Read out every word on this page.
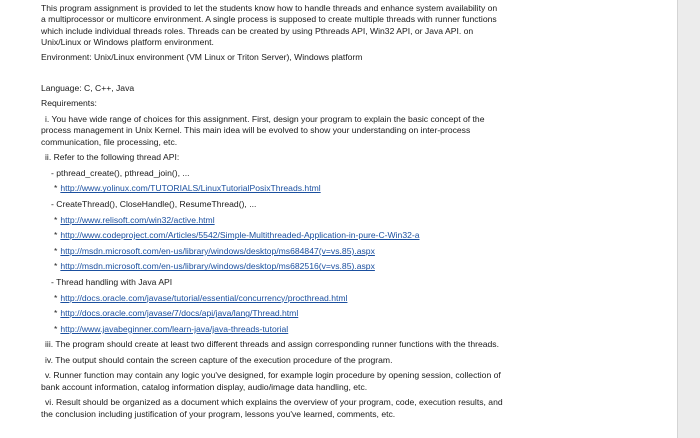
This program assignment is provided to let the students know how to handle threads and enhance system availability on
a multiprocessor or multicore environment. A single process is supposed to create multiple threads with runner functions
which include individual threads roles. Threads can be created by using Pthreads API, Win32 API, or Java API. on
Unix/Linux or Windows platform environment.
Environment: Unix/Linux environment (VM Linux or Triton Server), Windows platform
Language: C, C++, Java
Requirements:
i. You have wide range of choices for this assignment. First, design your program to explain the basic concept of the
process management in Unix Kernel. This main idea will be evolved to show your understanding on inter-process
communication, file processing, etc.
ii. Refer to the following thread API:
- pthread_create(), pthread_join(), ...
* http://www.yolinux.com/TUTORIALS/LinuxTutorialPosixThreads.html
- CreateThread(), CloseHandle(), ResumeThread(), ...
* http://www.relisoft.com/win32/active.html
* http://www.codeproject.com/Articles/5542/Simple-Multithreaded-Application-in-pure-C-Win32-a
* http://msdn.microsoft.com/en-us/library/windows/desktop/ms684847(v=vs.85).aspx
* http://msdn.microsoft.com/en-us/library/windows/desktop/ms682516(v=vs.85).aspx
- Thread handling with Java API
* http://docs.oracle.com/javase/tutorial/essential/concurrency/procthread.html
* http://docs.oracle.com/javase/7/docs/api/java/lang/Thread.html
* http://www.javabeginner.com/learn-java/java-threads-tutorial
iii. The program should create at least two different threads and assign corresponding runner functions with the threads.
iv. The output should contain the screen capture of the execution procedure of the program.
v. Runner function may contain any logic you've designed, for example login procedure by opening session, collection of
bank account information, catalog information display, audio/image data handling, etc.
vi. Result should be organized as a document which explains the overview of your program, code, execution results, and
the conclusion including justification of your program, lessons you've learned, comments, etc.
